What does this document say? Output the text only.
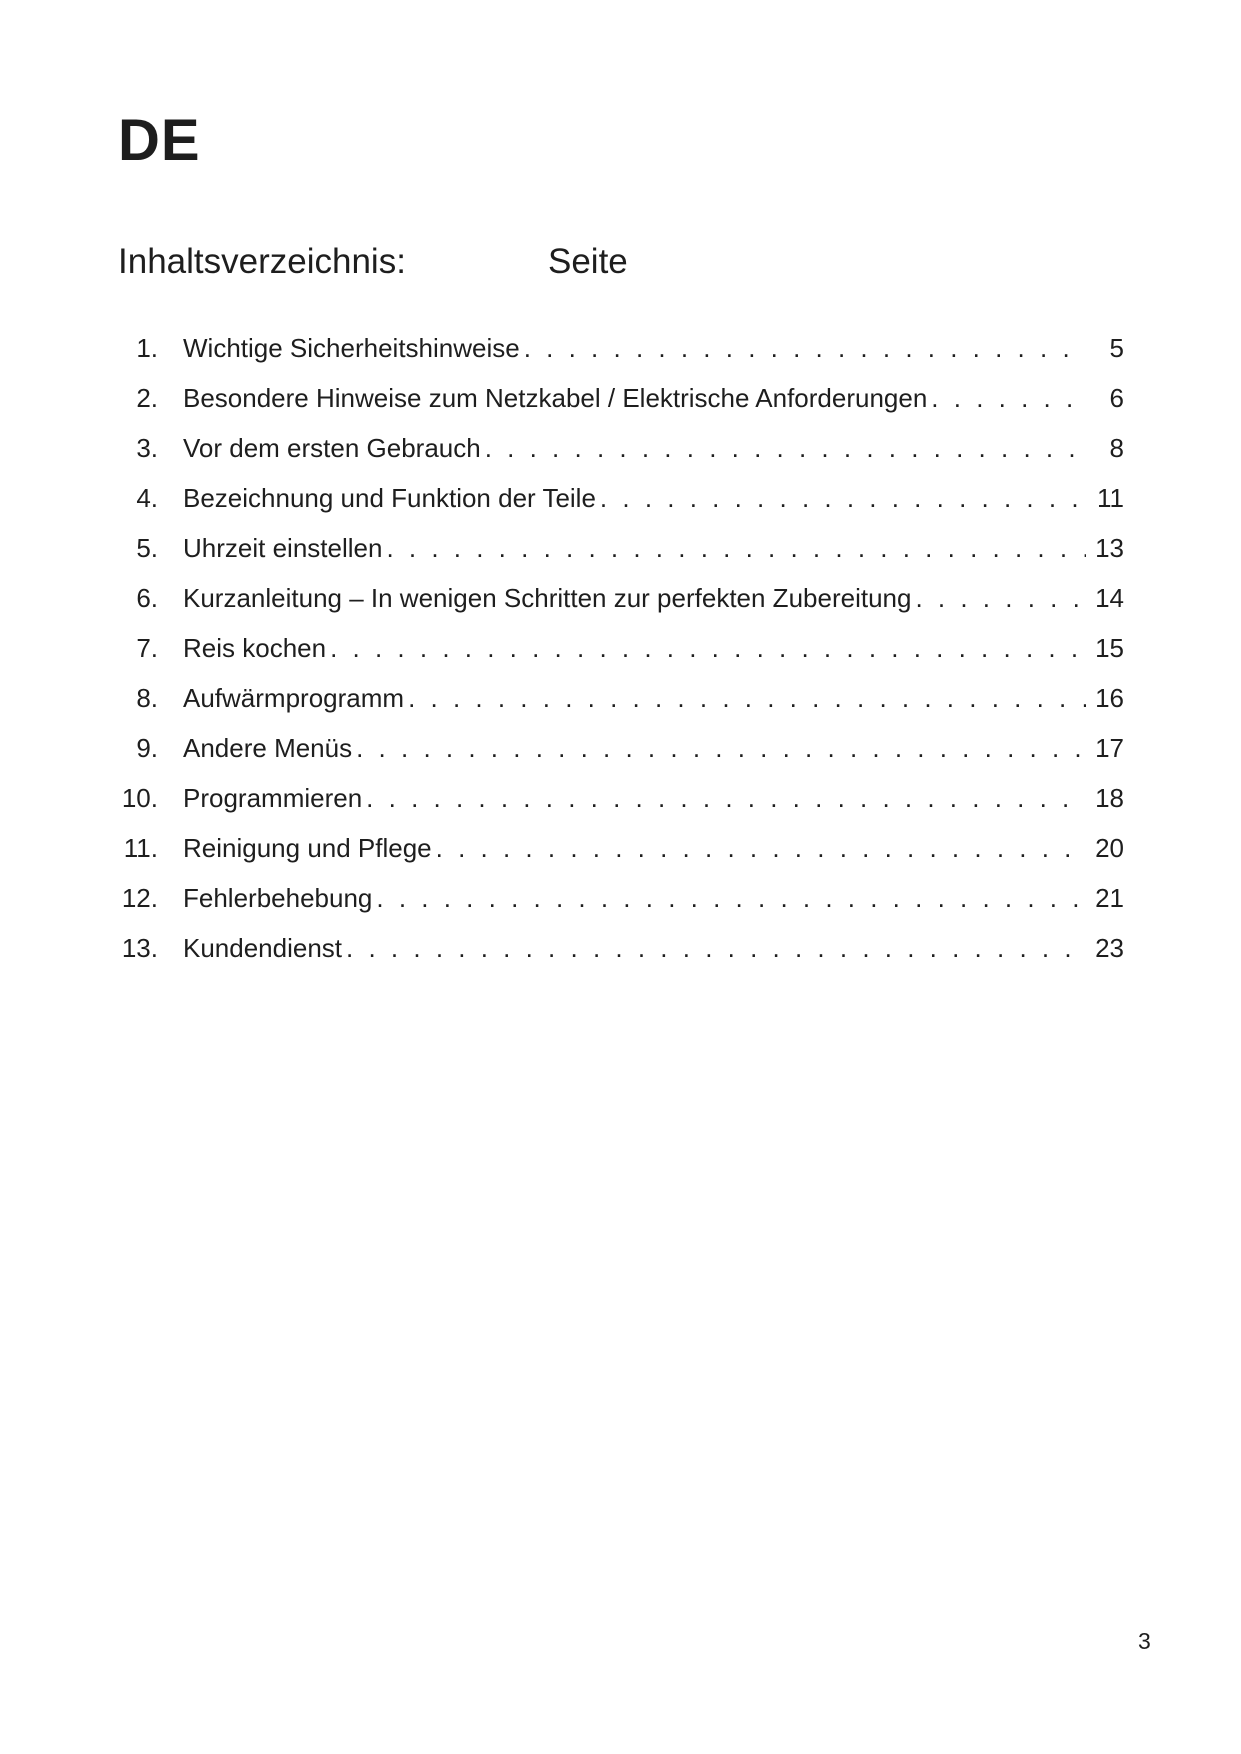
DE
Inhaltsverzeichnis:	Seite
1. Wichtige Sicherheitshinweise . . .	5
2. Besondere Hinweise zum Netzkabel / Elektrische Anforderungen . . .	6
3. Vor dem ersten Gebrauch . . .	8
4. Bezeichnung und Funktion der Teile . . .	11
5. Uhrzeit einstellen . . .	13
6. Kurzanleitung – In wenigen Schritten zur perfekten Zubereitung . . .	14
7. Reis kochen . . .	15
8. Aufwärmprogramm . . .	16
9. Andere Menüs . . .	17
10. Programmieren . . .	18
11. Reinigung und Pflege . . .	20
12. Fehlerbehebung . . .	21
13. Kundendienst . . .	23
3
